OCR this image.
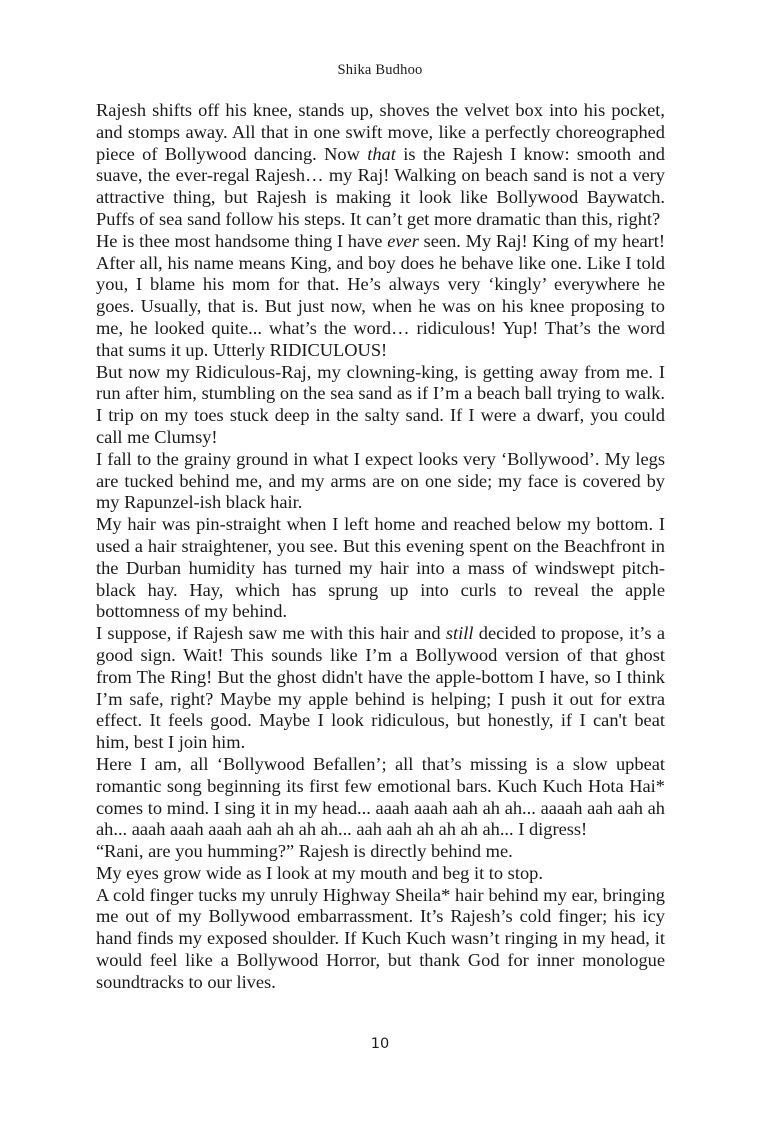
Shika Budhoo

Rajesh shifts off his knee, stands up, shoves the velvet box into his pocket, and stomps away. All that in one swift move, like a perfectly choreographed piece of Bollywood dancing. Now that is the Rajesh I know: smooth and suave, the ever-regal Rajesh… my Raj! Walking on beach sand is not a very attractive thing, but Rajesh is making it look like Bollywood Baywatch. Puffs of sea sand follow his steps. It can’t get more dramatic than this, right?

He is thee most handsome thing I have ever seen. My Raj! King of my heart! After all, his name means King, and boy does he behave like one. Like I told you, I blame his mom for that. He’s always very ‘kingly’ everywhere he goes. Usually, that is. But just now, when he was on his knee proposing to me, he looked quite... what’s the word… ridiculous! Yup! That’s the word that sums it up. Utterly RIDICULOUS!

But now my Ridiculous-Raj, my clowning-king, is getting away from me. I run after him, stumbling on the sea sand as if I’m a beach ball trying to walk. I trip on my toes stuck deep in the salty sand. If I were a dwarf, you could call me Clumsy!

I fall to the grainy ground in what I expect looks very ‘Bollywood’. My legs are tucked behind me, and my arms are on one side; my face is covered by my Rapunzel-ish black hair.

My hair was pin-straight when I left home and reached below my bottom. I used a hair straightener, you see. But this evening spent on the Beachfront in the Durban humidity has turned my hair into a mass of windswept pitch-black hay. Hay, which has sprung up into curls to reveal the apple bottomness of my behind.

I suppose, if Rajesh saw me with this hair and still decided to propose, it’s a good sign. Wait! This sounds like I’m a Bollywood version of that ghost from The Ring! But the ghost didn't have the apple-bottom I have, so I think I’m safe, right? Maybe my apple behind is helping; I push it out for extra effect. It feels good. Maybe I look ridiculous, but honestly, if I can't beat him, best I join him.

Here I am, all ‘Bollywood Befallen’; all that’s missing is a slow upbeat romantic song beginning its first few emotional bars. Kuch Kuch Hota Hai* comes to mind. I sing it in my head... aaah aaah aah ah ah... aaaah aah aah ah ah... aaah aaah aaah aah ah ah ah... aah aah ah ah ah ah... I digress!

“Rani, are you humming?” Rajesh is directly behind me.

My eyes grow wide as I look at my mouth and beg it to stop.

A cold finger tucks my unruly Highway Sheila* hair behind my ear, bringing me out of my Bollywood embarrassment. It’s Rajesh’s cold finger; his icy hand finds my exposed shoulder. If Kuch Kuch wasn’t ringing in my head, it would feel like a Bollywood Horror, but thank God for inner monologue soundtracks to our lives.

10
